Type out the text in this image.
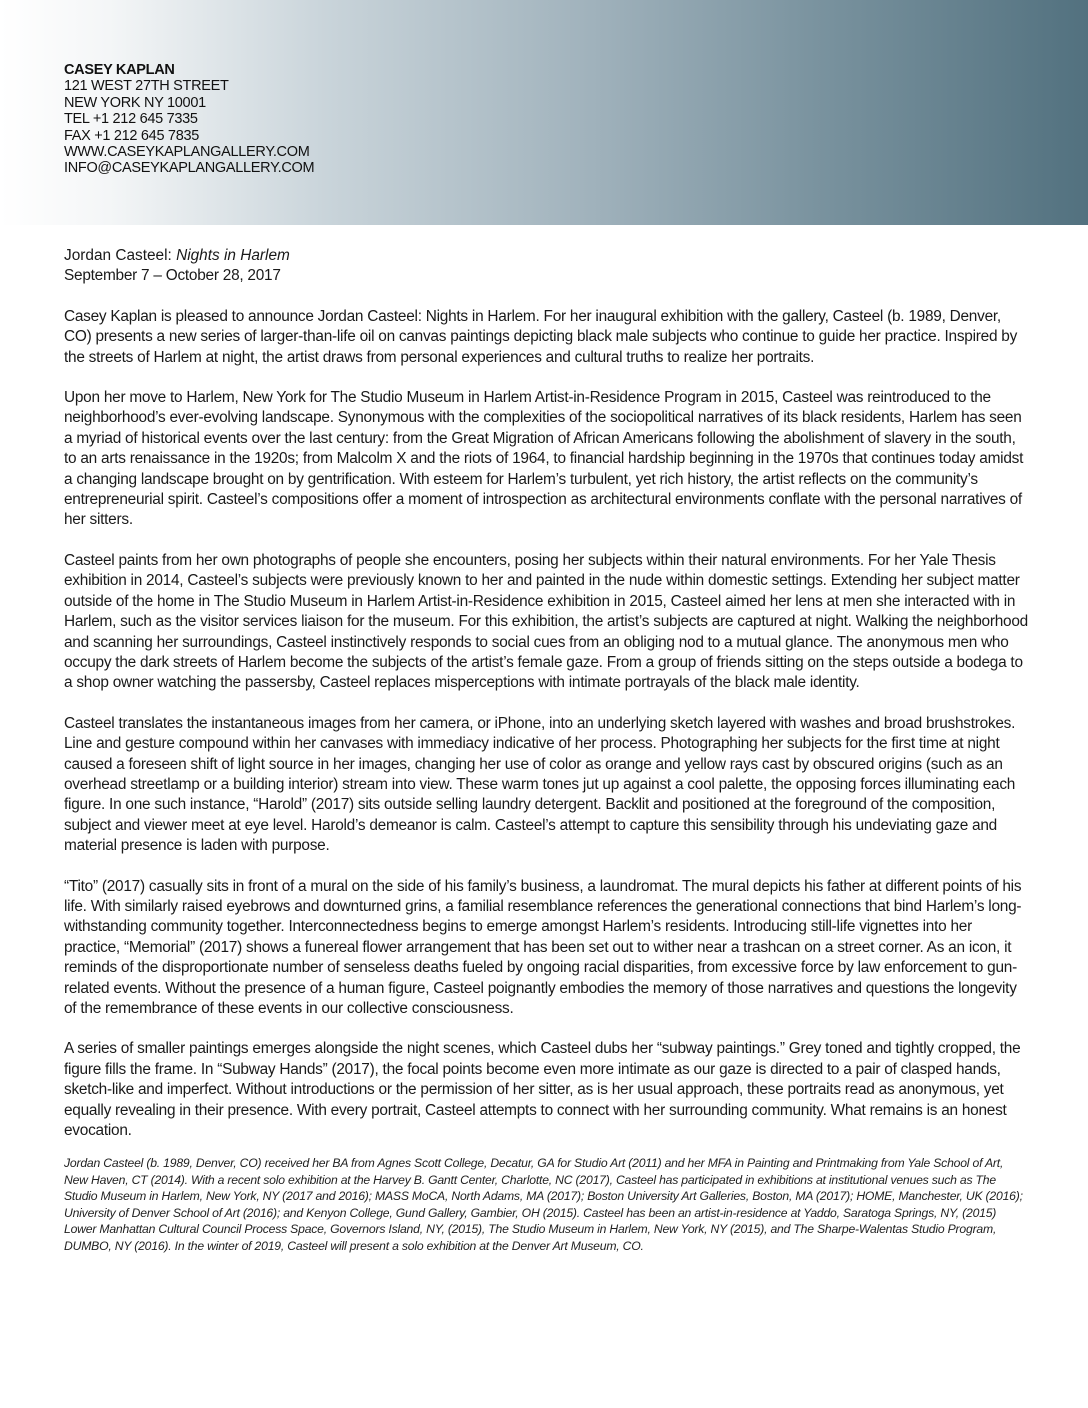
CASEY KAPLAN
121 WEST 27TH STREET
NEW YORK NY 10001
TEL +1 212 645 7335
FAX +1 212 645 7835
WWW.CASEYKAPLANGALLERY.COM
INFO@CASEYKAPLANGALLERY.COM

Jordan Casteel: Nights in Harlem

September 7 – October 28, 2017

Casey Kaplan is pleased to announce Jordan Casteel: Nights in Harlem. For her inaugural exhibition with the gallery, Casteel (b. 1989, Denver, CO) presents a new series of larger-than-life oil on canvas paintings depicting black male subjects who continue to guide her practice. Inspired by the streets of Harlem at night, the artist draws from personal experiences and cultural truths to realize her portraits.

Upon her move to Harlem, New York for The Studio Museum in Harlem Artist-in-Residence Program in 2015, Casteel was reintroduced to the neighborhood’s ever-evolving landscape. Synonymous with the complexities of the sociopolitical narratives of its black residents, Harlem has seen a myriad of historical events over the last century: from the Great Migration of African Americans following the abolishment of slavery in the south, to an arts renaissance in the 1920s; from Malcolm X and the riots of 1964, to financial hardship beginning in the 1970s that continues today amidst a changing landscape brought on by gentrification. With esteem for Harlem’s turbulent, yet rich history, the artist reflects on the community’s entrepreneurial spirit. Casteel’s compositions offer a moment of introspection as architectural environments conflate with the personal narratives of her sitters.

Casteel paints from her own photographs of people she encounters, posing her subjects within their natural environments. For her Yale Thesis exhibition in 2014, Casteel’s subjects were previously known to her and painted in the nude within domestic settings. Extending her subject matter outside of the home in The Studio Museum in Harlem Artist-in-Residence exhibition in 2015, Casteel aimed her lens at men she interacted with in Harlem, such as the visitor services liaison for the museum. For this exhibition, the artist’s subjects are captured at night. Walking the neighborhood and scanning her surroundings, Casteel instinctively responds to social cues from an obliging nod to a mutual glance. The anonymous men who occupy the dark streets of Harlem become the subjects of the artist’s female gaze. From a group of friends sitting on the steps outside a bodega to a shop owner watching the passersby, Casteel replaces misperceptions with intimate portrayals of the black male identity.

Casteel translates the instantaneous images from her camera, or iPhone, into an underlying sketch layered with washes and broad brushstrokes. Line and gesture compound within her canvases with immediacy indicative of her process. Photographing her subjects for the first time at night caused a foreseen shift of light source in her images, changing her use of color as orange and yellow rays cast by obscured origins (such as an overhead streetlamp or a building interior) stream into view. These warm tones jut up against a cool palette, the opposing forces illuminating each figure. In one such instance, “Harold” (2017) sits outside selling laundry detergent. Backlit and positioned at the foreground of the composition, subject and viewer meet at eye level. Harold’s demeanor is calm. Casteel’s attempt to capture this sensibility through his undeviating gaze and material presence is laden with purpose.

“Tito” (2017) casually sits in front of a mural on the side of his family’s business, a laundromat. The mural depicts his father at different points of his life. With similarly raised eyebrows and downturned grins, a familial resemblance references the generational connections that bind Harlem’s long-withstanding community together. Interconnectedness begins to emerge amongst Harlem’s residents. Introducing still-life vignettes into her practice, “Memorial” (2017) shows a funereal flower arrangement that has been set out to wither near a trashcan on a street corner. As an icon, it reminds of the disproportionate number of senseless deaths fueled by ongoing racial disparities, from excessive force by law enforcement to gun-related events. Without the presence of a human figure, Casteel poignantly embodies the memory of those narratives and questions the longevity of the remembrance of these events in our collective consciousness.

A series of smaller paintings emerges alongside the night scenes, which Casteel dubs her “subway paintings.” Grey toned and tightly cropped, the figure fills the frame. In “Subway Hands” (2017), the focal points become even more intimate as our gaze is directed to a pair of clasped hands, sketch-like and imperfect. Without introductions or the permission of her sitter, as is her usual approach, these portraits read as anonymous, yet equally revealing in their presence. With every portrait, Casteel attempts to connect with her surrounding community. What remains is an honest evocation.

Jordan Casteel (b. 1989, Denver, CO) received her BA from Agnes Scott College, Decatur, GA for Studio Art (2011) and her MFA in Painting and Printmaking from Yale School of Art, New Haven, CT (2014). With a recent solo exhibition at the Harvey B. Gantt Center, Charlotte, NC (2017), Casteel has participated in exhibitions at institutional venues such as The Studio Museum in Harlem, New York, NY (2017 and 2016); MASS MoCA, North Adams, MA (2017); Boston University Art Galleries, Boston, MA (2017); HOME, Manchester, UK (2016); University of Denver School of Art (2016); and Kenyon College, Gund Gallery, Gambier, OH (2015). Casteel has been an artist-in-residence at Yaddo, Saratoga Springs, NY, (2015) Lower Manhattan Cultural Council Process Space, Governors Island, NY, (2015), The Studio Museum in Harlem, New York, NY (2015), and The Sharpe-Walentas Studio Program, DUMBO, NY (2016). In the winter of 2019, Casteel will present a solo exhibition at the Denver Art Museum, CO.
